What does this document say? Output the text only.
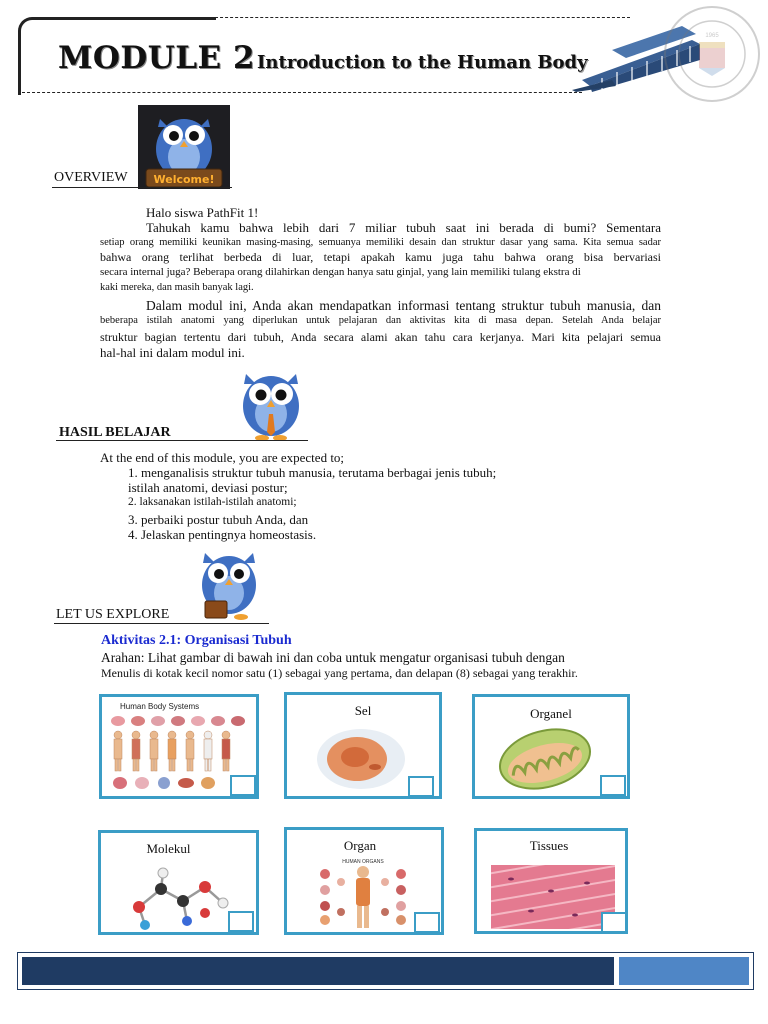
MODULE 2 Introduction to the Human Body
1965
Welcome!
OVERVIEW
Halo siswa PathFit 1!
Tahukah kamu bahwa lebih dari 7 miliar tubuh saat ini berada di bumi? Sementara
setiap orang memiliki keunikan masing-masing, semuanya memiliki desain dan struktur dasar yang sama. Kita semua sadar
bahwa orang terlihat berbeda di luar, tetapi apakah kamu juga tahu bahwa orang bisa bervariasi
secara internal juga? Beberapa orang dilahirkan dengan hanya satu ginjal, yang lain memiliki tulang ekstra di
kaki mereka, dan masih banyak lagi.
Dalam modul ini, Anda akan mendapatkan informasi tentang struktur tubuh manusia, dan
beberapa istilah anatomi yang diperlukan untuk pelajaran dan aktivitas kita di masa depan. Setelah Anda belajar
struktur bagian tertentu dari tubuh, Anda secara alami akan tahu cara kerjanya. Mari kita pelajari semua
hal-hal ini dalam modul ini.
HASIL BELAJAR
At the end of this module, you are expected to;
1. menganalisis struktur tubuh manusia, terutama berbagai jenis tubuh;
istilah anatomi, deviasi postur;
2. laksanakan istilah-istilah anatomi;
3. perbaiki postur tubuh Anda, dan
4. Jelaskan pentingnya homeostasis.
LET US EXPLORE
Aktivitas 2.1: Organisasi Tubuh
Arahan: Lihat gambar di bawah ini dan coba untuk mengatur organisasi tubuh dengan
Menulis di kotak kecil nomor satu (1) sebagai yang pertama, dan delapan (8) sebagai yang terakhir.
Human Body Systems	Sel	Organel
Molekul	Organ
HUMAN ORGANS
Tissues
